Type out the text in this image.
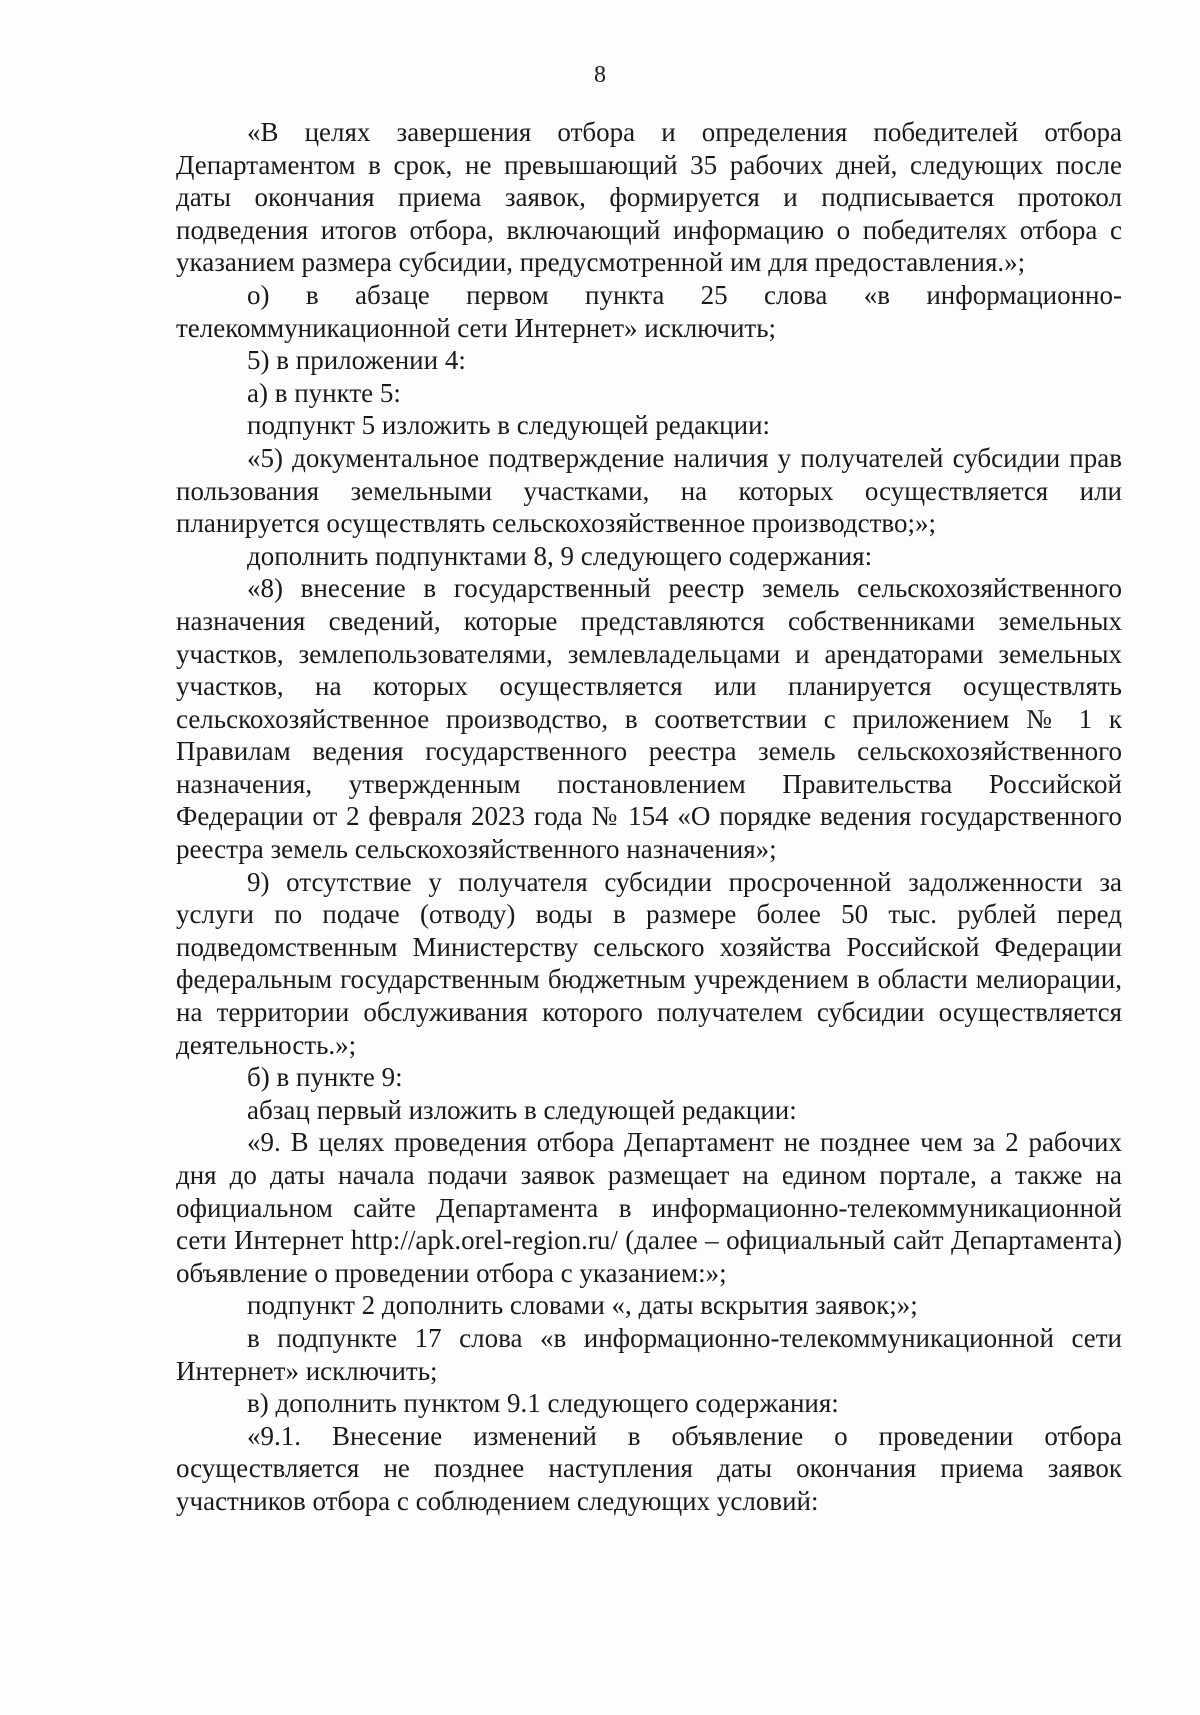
8

«В целях завершения отбора и определения победителей отбора Департаментом в срок, не превышающий 35 рабочих дней, следующих после даты окончания приема заявок, формируется и подписывается протокол подведения итогов отбора, включающий информацию о победителях отбора с указанием размера субсидии, предусмотренной им для предоставления.»;

о) в абзаце первом пункта 25 слова «в информационно-телекоммуникационной сети Интернет» исключить;

5) в приложении 4:

а) в пункте 5:

подпункт 5 изложить в следующей редакции:

«5) документальное подтверждение наличия у получателей субсидии прав пользования земельными участками, на которых осуществляется или планируется осуществлять сельскохозяйственное производство;»;

дополнить подпунктами 8, 9 следующего содержания:

«8) внесение в государственный реестр земель сельскохозяйственного назначения сведений, которые представляются собственниками земельных участков, землепользователями, землевладельцами и арендаторами земельных участков, на которых осуществляется или планируется осуществлять сельскохозяйственное производство, в соответствии с приложением № 1 к Правилам ведения государственного реестра земель сельскохозяйственного назначения, утвержденным постановлением Правительства Российской Федерации от 2 февраля 2023 года № 154 «О порядке ведения государственного реестра земель сельскохозяйственного назначения»;

9) отсутствие у получателя субсидии просроченной задолженности за услуги по подаче (отводу) воды в размере более 50 тыс. рублей перед подведомственным Министерству сельского хозяйства Российской Федерации федеральным государственным бюджетным учреждением в области мелиорации, на территории обслуживания которого получателем субсидии осуществляется деятельность.»;

б) в пункте 9:

абзац первый изложить в следующей редакции:

«9. В целях проведения отбора Департамент не позднее чем за 2 рабочих дня до даты начала подачи заявок размещает на едином портале, а также на официальном сайте Департамента в информационно-телекоммуникационной сети Интернет http://apk.orel-region.ru/ (далее – официальный сайт Департамента) объявление о проведении отбора с указанием:»;

подпункт 2 дополнить словами «, даты вскрытия заявок;»;

в подпункте 17 слова «в информационно-телекоммуникационной сети Интернет» исключить;

в) дополнить пунктом 9.1 следующего содержания:

«9.1. Внесение изменений в объявление о проведении отбора осуществляется не позднее наступления даты окончания приема заявок участников отбора с соблюдением следующих условий:
